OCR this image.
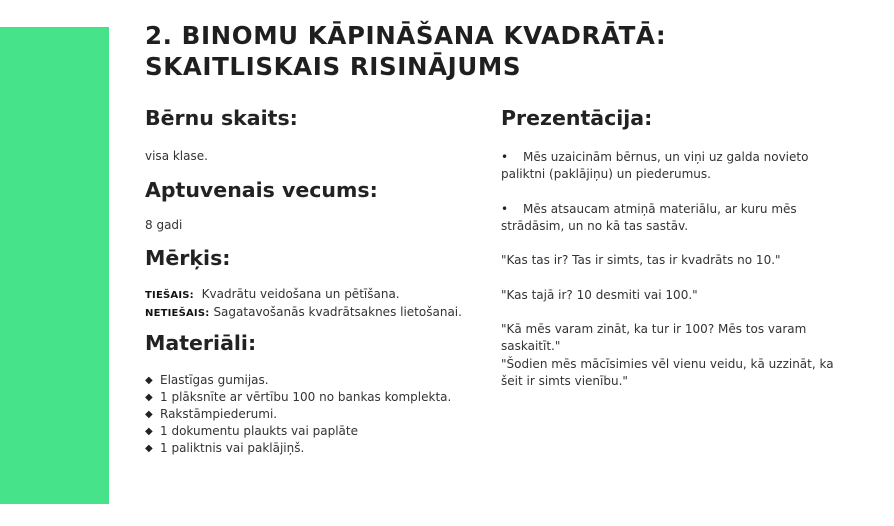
2. BINOMU KĀPINĀŠANA KVADRĀTĀ:
SKAITLISKAIS RISINĀJUMS
Bērnu skaits:

visa klase.

Aptuvenais vecums:

8 gadi

Mērķis:

TIEŠAIS: Kvadrātu veidošana un pētīšana.

NETIEŠAIS: Sagatavošanās kvadrātsaknes lietošanai.

Materiāli:
◆ Elastīgas gumijas.
◆ 1 plāksnīte ar vērtību 100 no bankas komplekta.
◆ Rakstāmpiederumi.
◆ 1 dokumentu plaukts vai paplāte
◆ 1 paliktnis vai paklājiņš.
Prezentācija:

• Mēs uzaicinām bērnus, un viņi uz galda novieto paliktni (paklājiņu) un piederumus.

• Mēs atsaucam atmiņā materiālu, ar kuru mēs strādāsim, un no kā tas sastāv.

"Kas tas ir? Tas ir simts, tas ir kvadrāts no 10."

"Kas tajā ir? 10 desmiti vai 100."

"Kā mēs varam zināt, ka tur ir 100? Mēs tos varam saskaitīt."

"Šodien mēs mācīsimies vēl vienu veidu, kā uzzināt, ka šeit ir simts vienību."
